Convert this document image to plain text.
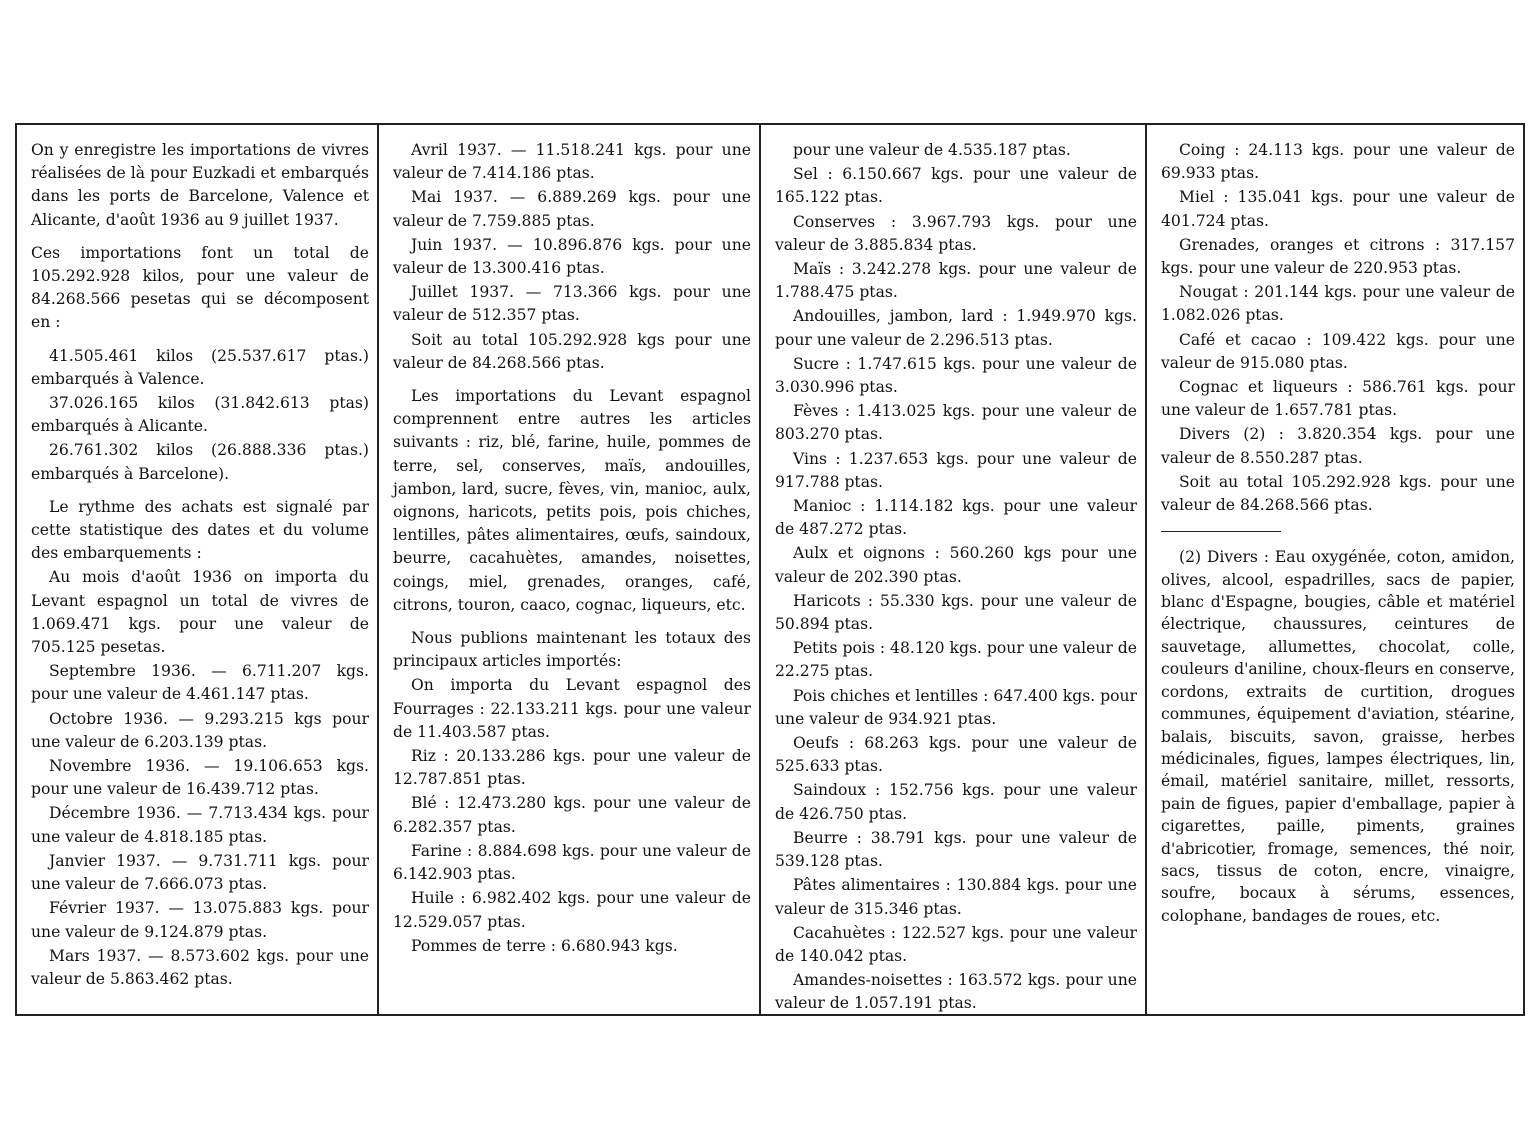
On y enregistre les importations de vivres réalisées de là pour Euzkadi et embarqués dans les ports de Barcelone, Valence et Alicante, d'août 1936 au 9 juillet 1937.

Ces importations font un total de 105.292.928 kilos, pour une valeur de 84.268.566 pesetas qui se décomposent en :

41.505.461 kilos (25.537.617 ptas.) embarqués à Valence.

37.026.165 kilos (31.842.613 ptas) embarqués à Alicante.

26.761.302 kilos (26.888.336 ptas.) embarqués à Barcelone).

Le rythme des achats est signalé par cette statistique des dates et du volume des embarquements :

Au mois d'août 1936 on importa du Levant espagnol un total de vivres de 1.069.471 kgs. pour une valeur de 705.125 pesetas.

Septembre 1936. — 6.711.207 kgs. pour une valeur de 4.461.147 ptas.

Octobre 1936. — 9.293.215 kgs pour une valeur de 6.203.139 ptas.

Novembre 1936. — 19.106.653 kgs. pour une valeur de 16.439.712 ptas.

Décembre 1936. — 7.713.434 kgs. pour une valeur de 4.818.185 ptas.

Janvier 1937. — 9.731.711 kgs. pour une valeur de 7.666.073 ptas.

Février 1937. — 13.075.883 kgs. pour une valeur de 9.124.879 ptas.

Mars 1937. — 8.573.602 kgs. pour une valeur de 5.863.462 ptas.

Avril 1937. — 11.518.241 kgs. pour une valeur de 7.414.186 ptas.

Mai 1937. — 6.889.269 kgs. pour une valeur de 7.759.885 ptas.

Juin 1937. — 10.896.876 kgs. pour une valeur de 13.300.416 ptas.

Juillet 1937. — 713.366 kgs. pour une valeur de 512.357 ptas.

Soit au total 105.292.928 kgs pour une valeur de 84.268.566 ptas.

Les importations du Levant espagnol comprennent entre autres les articles suivants : riz, blé, farine, huile, pommes de terre, sel, conserves, maïs, andouilles, jambon, lard, sucre, fèves, vin, manioc, aulx, oignons, haricots, petits pois, pois chiches, lentilles, pâtes alimentaires, œufs, saindoux, beurre, cacahuètes, amandes, noisettes, coings, miel, grenades, oranges, café, citrons, touron, caaco, cognac, liqueurs, etc.

Nous publions maintenant les totaux des principaux articles importés:

On importa du Levant espagnol des Fourrages : 22.133.211 kgs. pour une valeur de 11.403.587 ptas.

Riz : 20.133.286 kgs. pour une valeur de 12.787.851 ptas.

Blé : 12.473.280 kgs. pour une valeur de 6.282.357 ptas.

Farine : 8.884.698 kgs. pour une valeur de 6.142.903 ptas.

Huile : 6.982.402 kgs. pour une valeur de 12.529.057 ptas.

Pommes de terre : 6.680.943 kgs.

pour une valeur de 4.535.187 ptas.

Sel : 6.150.667 kgs. pour une valeur de 165.122 ptas.

Conserves : 3.967.793 kgs. pour une valeur de 3.885.834 ptas.

Maïs : 3.242.278 kgs. pour une valeur de 1.788.475 ptas.

Andouilles, jambon, lard : 1.949.970 kgs. pour une valeur de 2.296.513 ptas.

Sucre : 1.747.615 kgs. pour une valeur de 3.030.996 ptas.

Fèves : 1.413.025 kgs. pour une valeur de 803.270 ptas.

Vins : 1.237.653 kgs. pour une valeur de 917.788 ptas.

Manioc : 1.114.182 kgs. pour une valeur de 487.272 ptas.

Aulx et oignons : 560.260 kgs pour une valeur de 202.390 ptas.

Haricots : 55.330 kgs. pour une valeur de 50.894 ptas.

Petits pois : 48.120 kgs. pour une valeur de 22.275 ptas.

Pois chiches et lentilles : 647.400 kgs. pour une valeur de 934.921 ptas.

Oeufs : 68.263 kgs. pour une valeur de 525.633 ptas.

Saindoux : 152.756 kgs. pour une valeur de 426.750 ptas.

Beurre : 38.791 kgs. pour une valeur de 539.128 ptas.

Pâtes alimentaires : 130.884 kgs. pour une valeur de 315.346 ptas.

Cacahuètes : 122.527 kgs. pour une valeur de 140.042 ptas.

Amandes-noisettes : 163.572 kgs. pour une valeur de 1.057.191 ptas.

Coing : 24.113 kgs. pour une valeur de 69.933 ptas.

Miel : 135.041 kgs. pour une valeur de 401.724 ptas.

Grenades, oranges et citrons : 317.157 kgs. pour une valeur de 220.953 ptas.

Nougat : 201.144 kgs. pour une valeur de 1.082.026 ptas.

Café et cacao : 109.422 kgs. pour une valeur de 915.080 ptas.

Cognac et liqueurs : 586.761 kgs. pour une valeur de 1.657.781 ptas.

Divers (2) : 3.820.354 kgs. pour une valeur de 8.550.287 ptas.

Soit au total 105.292.928 kgs. pour une valeur de 84.268.566 ptas.

(2) Divers : Eau oxygénée, coton, amidon, olives, alcool, espadrilles, sacs de papier, blanc d'Espagne, bougies, câble et matériel électrique, chaussures, ceintures de sauvetage, allumettes, chocolat, colle, couleurs d'aniline, choux-fleurs en conserve, cordons, extraits de curtition, drogues communes, équipement d'aviation, stéarine, balais, biscuits, savon, graisse, herbes médicinales, figues, lampes électriques, lin, émail, matériel sanitaire, millet, ressorts, pain de figues, papier d'emballage, papier à cigarettes, paille, piments, graines d'abricotier, fromage, semences, thé noir, sacs, tissus de coton, encre, vinaigre, soufre, bocaux à sérums, essences, colophane, bandages de roues, etc.
